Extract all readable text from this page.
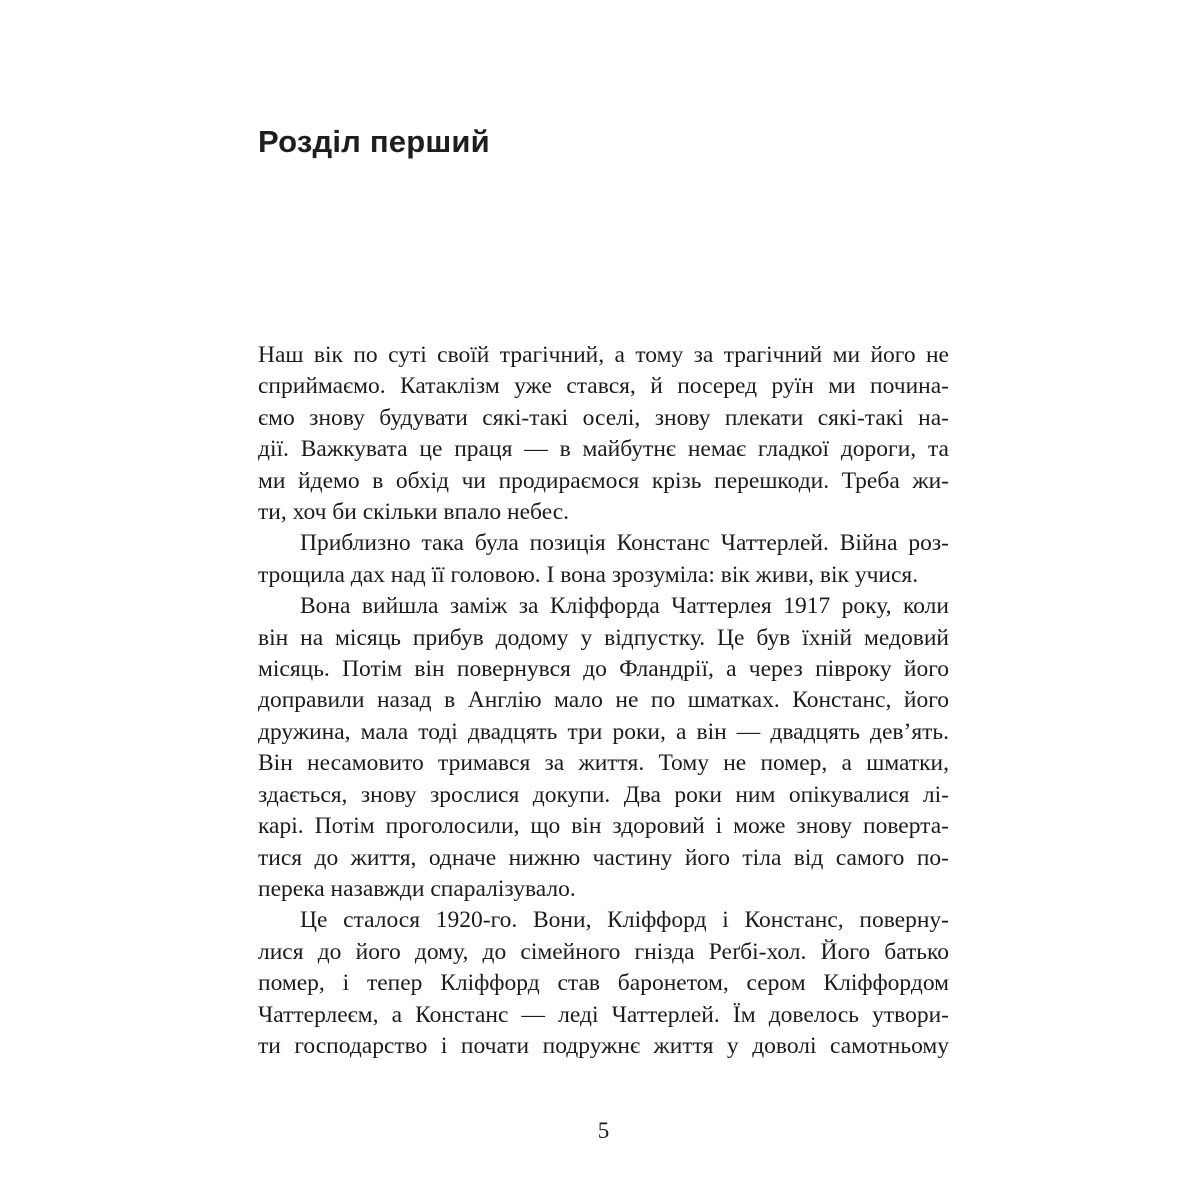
Розділ перший
Наш вік по суті своїй трагічний, а тому за трагічний ми його не
сприймаємо. Катаклізм уже стався, й посеред руїн ми почина-
ємо знову будувати сякі-такі оселі, знову плекати сякі-такі на-
дії. Важкувата це праця — в майбутнє немає гладкої дороги, та
ми йдемо в обхід чи продираємося крізь перешкоди. Треба жи-
ти, хоч би скільки впало небес.
Приблизно така була позиція Констанс Чаттерлей. Війна роз-
трощила дах над її головою. І вона зрозуміла: вік живи, вік учися.
Вона вийшла заміж за Кліффорда Чаттерлея 1917 року, коли
він на місяць прибув додому у відпустку. Це був їхній медовий
місяць. Потім він повернувся до Фландрії, а через півроку його
доправили назад в Англію мало не по шматках. Констанс, його
дружина, мала тоді двадцять три роки, а він — двадцять дев’ять.
Він несамовито тримався за життя. Тому не помер, а шматки,
здається, знову зрослися докупи. Два роки ним опікувалися лі-
карі. Потім проголосили, що він здоровий і може знову поверта-
тися до життя, одначе нижню частину його тіла від самого по-
перека назавжди спаралізувало.
Це сталося 1920-го. Вони, Кліффорд і Констанс, поверну-
лися до його дому, до сімейного гнізда Реґбі-хол. Його батько
помер, і тепер Кліффорд став баронетом, сером Кліффордом
Чаттерлеєм, а Констанс — леді Чаттерлей. Їм довелось утвори-
ти господарство і почати подружнє життя у доволі самотньому
5
